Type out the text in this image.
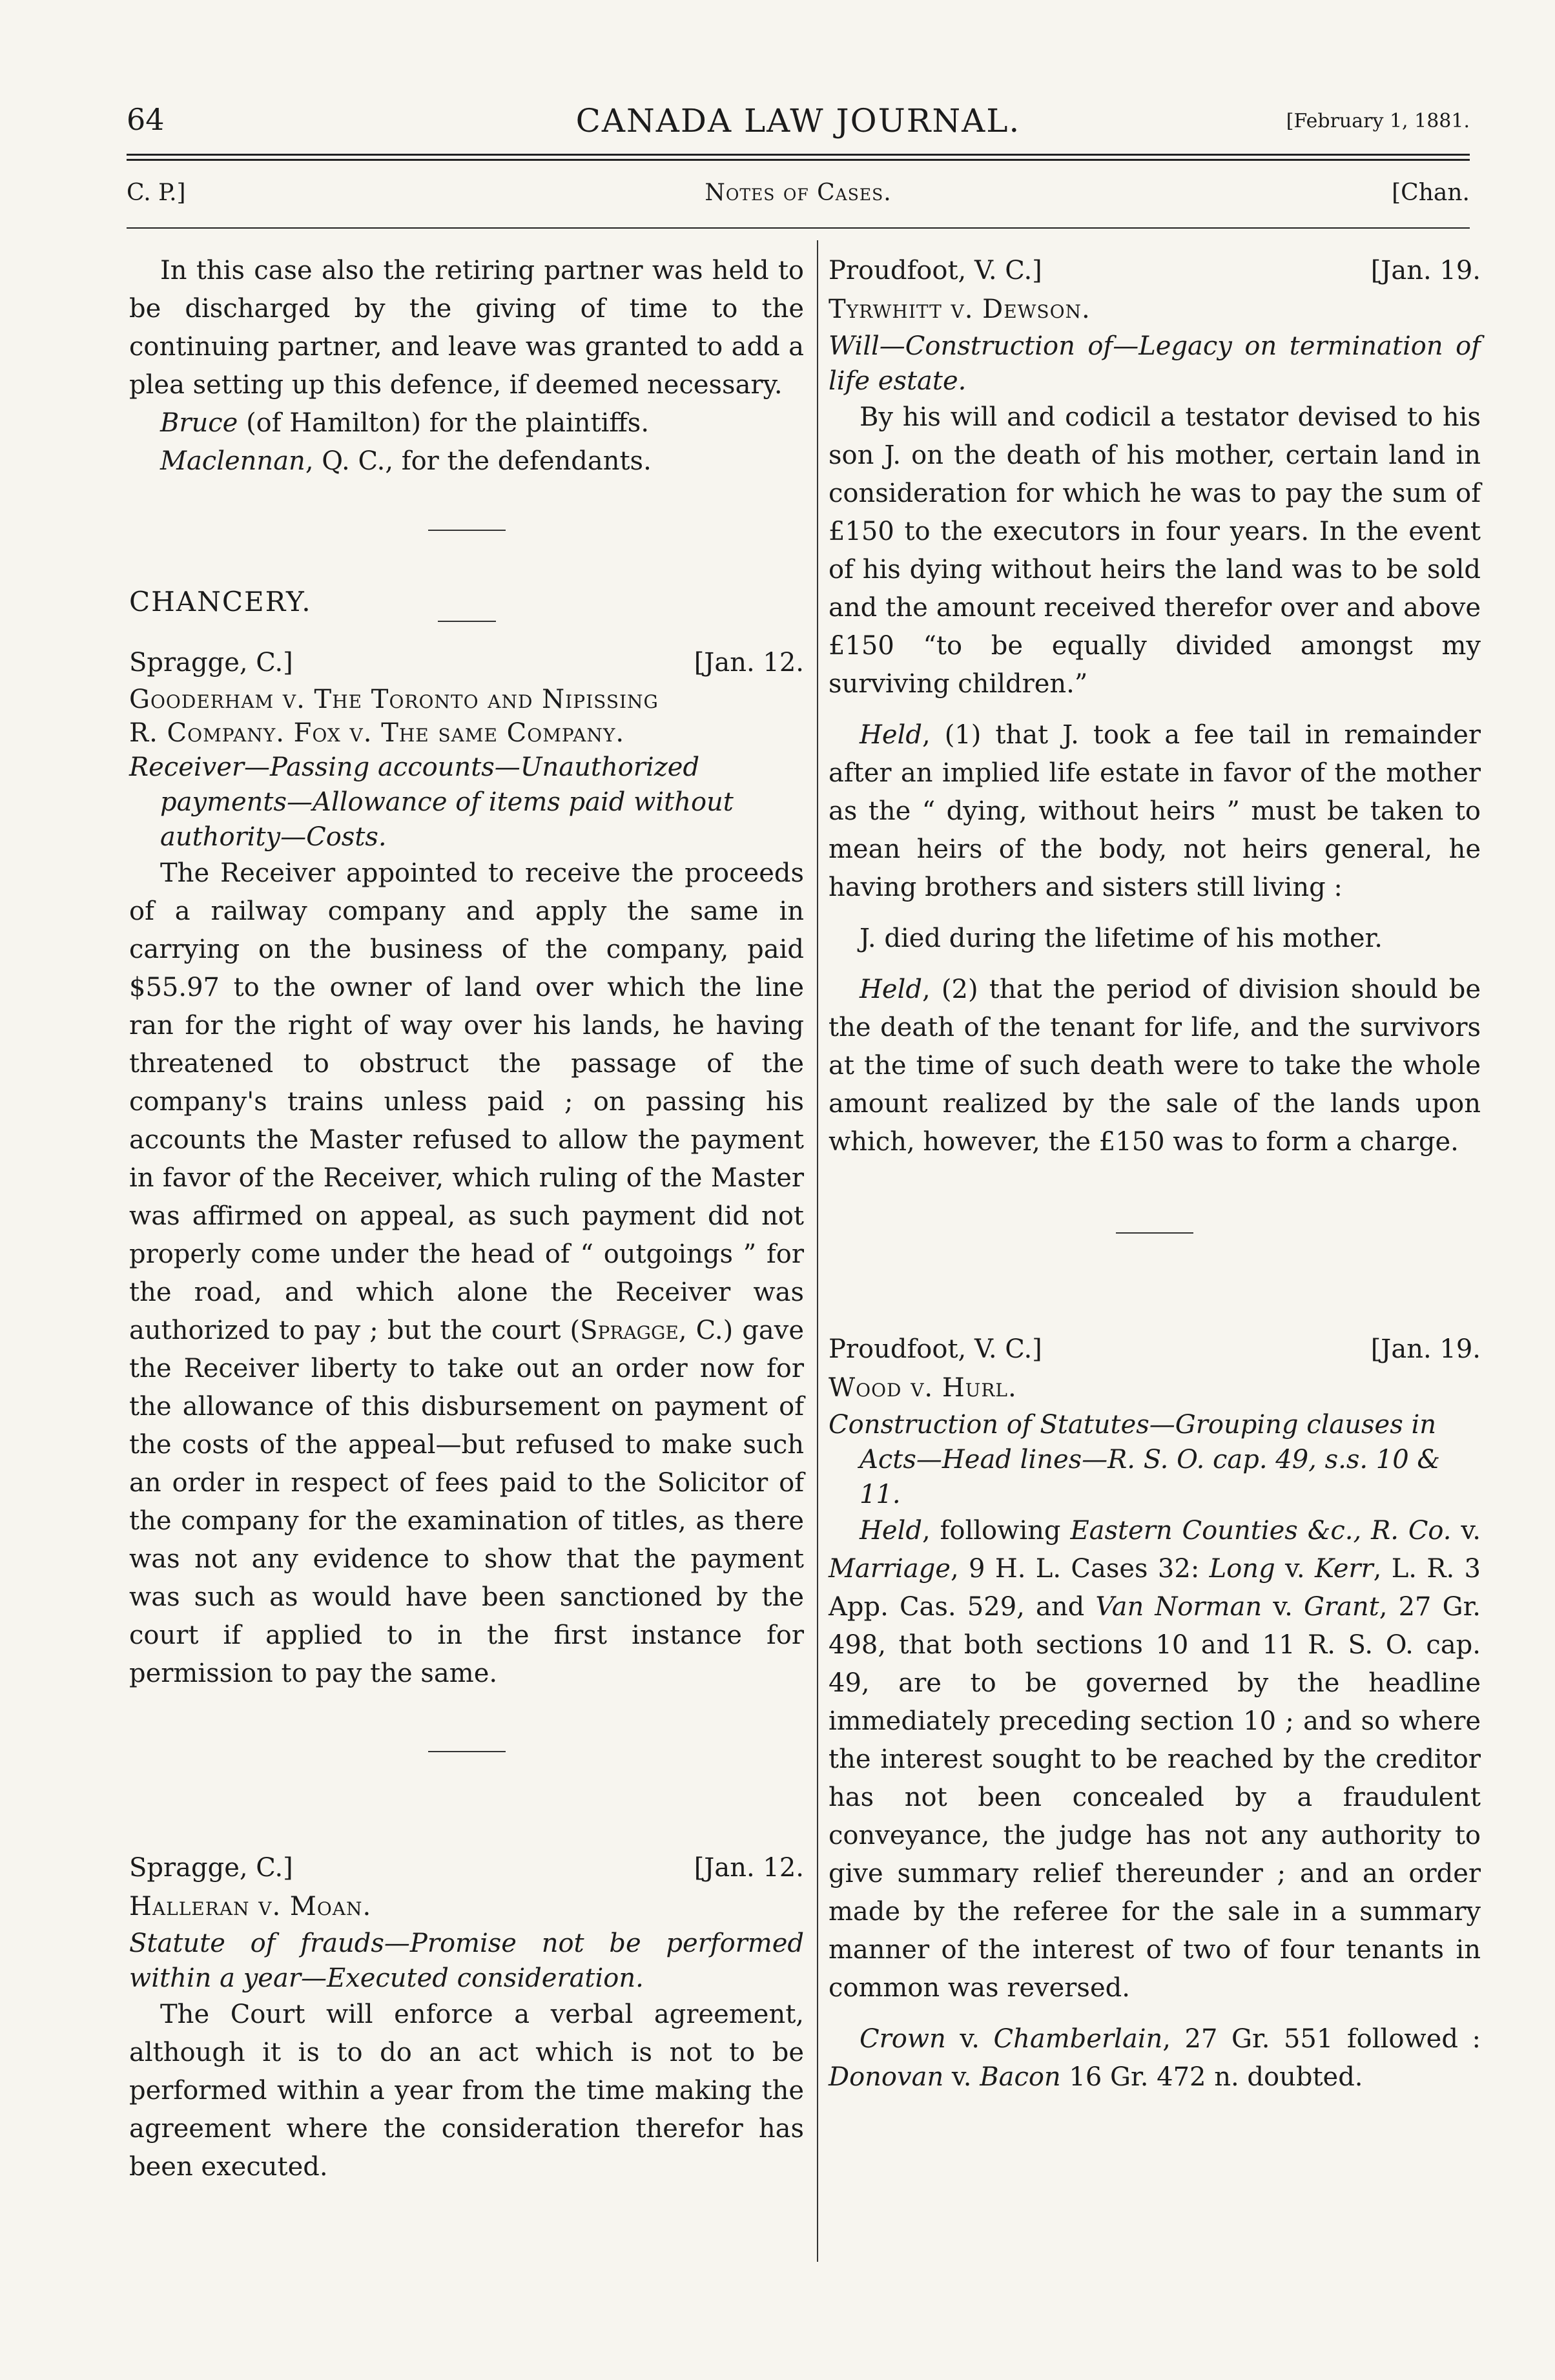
64	CANADA LAW JOURNAL.	[February 1, 1881.
C. P.]	Notes of Cases.	[Chan.

In this case also the retiring partner was held to be discharged by the giving of time to the continuing partner, and leave was granted to add a plea setting up this defence, if deemed necessary.

Bruce (of Hamilton) for the plaintiffs.

Maclennan, Q. C., for the defendants.

CHANCERY.

Spragge, C.]	[Jan. 12.

Gooderham v. The Toronto and Nipissing
R. Company. Fox v. The same Company.

Receiver—Passing accounts—Unauthorized payments—Allowance of items paid without authority—Costs.

The Receiver appointed to receive the proceeds of a railway company and apply the same in carrying on the business of the company, paid $55.97 to the owner of land over which the line ran for the right of way over his lands, he having threatened to obstruct the passage of the company's trains unless paid ; on passing his accounts the Master refused to allow the payment in favor of the Receiver, which ruling of the Master was affirmed on appeal, as such payment did not properly come under the head of “ outgoings ” for the road, and which alone the Receiver was authorized to pay ; but the court (Spragge, C.) gave the Receiver liberty to take out an order now for the allowance of this disbursement on payment of the costs of the appeal—but refused to make such an order in respect of fees paid to the Solicitor of the company for the examination of titles, as there was not any evidence to show that the payment was such as would have been sanctioned by the court if applied to in the first instance for permission to pay the same.

Spragge, C.]	[Jan. 12.

Halleran v. Moan.

Statute of frauds—Promise not be performed within a year—Executed consideration.

The Court will enforce a verbal agreement, although it is to do an act which is not to be performed within a year from the time making the agreement where the consideration therefor has been executed.

Proudfoot, V. C.]	[Jan. 19.

Tyrwhitt v. Dewson.

Will—Construction of—Legacy on termination of life estate.

By his will and codicil a testator devised to his son J. on the death of his mother, certain land in consideration for which he was to pay the sum of £150 to the executors in four years. In the event of his dying without heirs the land was to be sold and the amount received therefor over and above £150 “to be equally divided amongst my surviving children.”

Held, (1) that J. took a fee tail in remainder after an implied life estate in favor of the mother as the “ dying, without heirs ” must be taken to mean heirs of the body, not heirs general, he having brothers and sisters still living :

J. died during the lifetime of his mother.

Held, (2) that the period of division should be the death of the tenant for life, and the survivors at the time of such death were to take the whole amount realized by the sale of the lands upon which, however, the £150 was to form a charge.

Proudfoot, V. C.]	[Jan. 19.

Wood v. Hurl.

Construction of Statutes—Grouping clauses in Acts—Head lines—R. S. O. cap. 49, s.s. 10 & 11.

Held, following Eastern Counties &c., R. Co. v. Marriage, 9 H. L. Cases 32: Long v. Kerr, L. R. 3 App. Cas. 529, and Van Norman v. Grant, 27 Gr. 498, that both sections 10 and 11 R. S. O. cap. 49, are to be governed by the headline immediately preceding section 10 ; and so where the interest sought to be reached by the creditor has not been concealed by a fraudulent conveyance, the judge has not any authority to give summary relief thereunder ; and an order made by the referee for the sale in a summary manner of the interest of two of four tenants in common was reversed.

Crown v. Chamberlain, 27 Gr. 551 followed : Donovan v. Bacon 16 Gr. 472 n. doubted.
